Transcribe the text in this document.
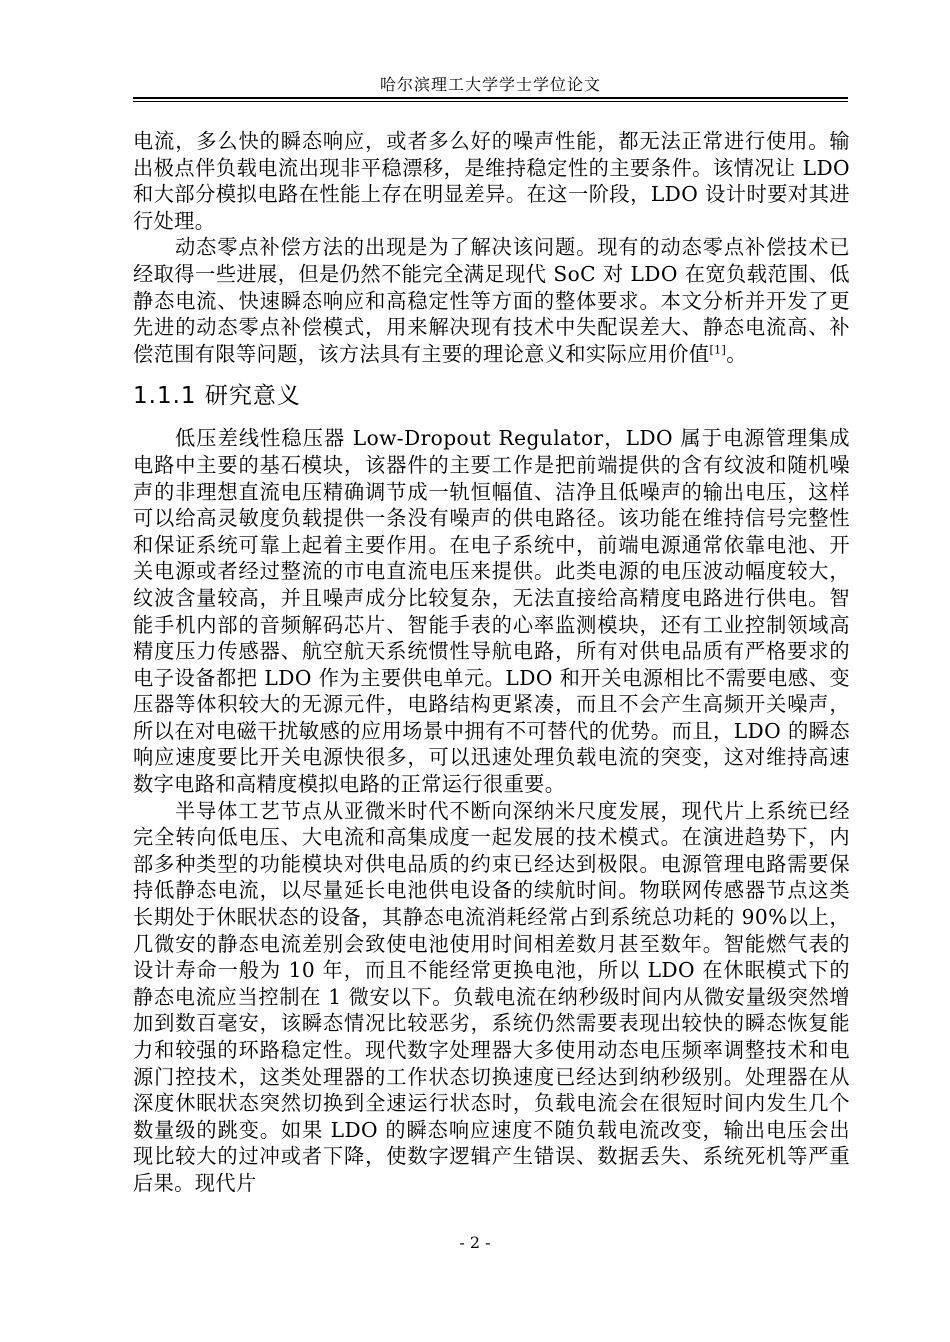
哈尔滨理工大学学士学位论文

电流，多么快的瞬态响应，或者多么好的噪声性能，都无法正常进行使用。输出极点伴负载电流出现非平稳漂移，是维持稳定性的主要条件。该情况让 LDO 和大部分模拟电路在性能上存在明显差异。在这一阶段，LDO 设计时要对其进行处理。

动态零点补偿方法的出现是为了解决该问题。现有的动态零点补偿技术已经取得一些进展，但是仍然不能完全满足现代 SoC 对 LDO 在宽负载范围、低静态电流、快速瞬态响应和高稳定性等方面的整体要求。本文分析并开发了更先进的动态零点补偿模式，用来解决现有技术中失配误差大、静态电流高、补偿范围有限等问题，该方法具有主要的理论意义和实际应用价值[1]。

1.1.1 研究意义

低压差线性稳压器 Low-Dropout Regulator，LDO 属于电源管理集成电路中主要的基石模块，该器件的主要工作是把前端提供的含有纹波和随机噪声的非理想直流电压精确调节成一轨恒幅值、洁净且低噪声的输出电压，这样可以给高灵敏度负载提供一条没有噪声的供电路径。该功能在维持信号完整性和保证系统可靠上起着主要作用。在电子系统中，前端电源通常依靠电池、开关电源或者经过整流的市电直流电压来提供。此类电源的电压波动幅度较大，纹波含量较高，并且噪声成分比较复杂，无法直接给高精度电路进行供电。智能手机内部的音频解码芯片、智能手表的心率监测模块，还有工业控制领域高精度压力传感器、航空航天系统惯性导航电路，所有对供电品质有严格要求的电子设备都把 LDO 作为主要供电单元。LDO 和开关电源相比不需要电感、变压器等体积较大的无源元件，电路结构更紧凑，而且不会产生高频开关噪声，所以在对电磁干扰敏感的应用场景中拥有不可替代的优势。而且，LDO 的瞬态响应速度要比开关电源快很多，可以迅速处理负载电流的突变，这对维持高速数字电路和高精度模拟电路的正常运行很重要。

半导体工艺节点从亚微米时代不断向深纳米尺度发展，现代片上系统已经完全转向低电压、大电流和高集成度一起发展的技术模式。在演进趋势下，内部多种类型的功能模块对供电品质的约束已经达到极限。电源管理电路需要保持低静态电流，以尽量延长电池供电设备的续航时间。物联网传感器节点这类长期处于休眠状态的设备，其静态电流消耗经常占到系统总功耗的 90%以上，几微安的静态电流差别会致使电池使用时间相差数月甚至数年。智能燃气表的设计寿命一般为 10 年，而且不能经常更换电池，所以 LDO 在休眠模式下的静态电流应当控制在 1 微安以下。负载电流在纳秒级时间内从微安量级突然增加到数百毫安，该瞬态情况比较恶劣，系统仍然需要表现出较快的瞬态恢复能力和较强的环路稳定性。现代数字处理器大多使用动态电压频率调整技术和电源门控技术，这类处理器的工作状态切换速度已经达到纳秒级别。处理器在从深度休眠状态突然切换到全速运行状态时，负载电流会在很短时间内发生几个数量级的跳变。如果 LDO 的瞬态响应速度不随负载电流改变，输出电压会出现比较大的过冲或者下降，使数字逻辑产生错误、数据丢失、系统死机等严重后果。现代片

- 2 -
